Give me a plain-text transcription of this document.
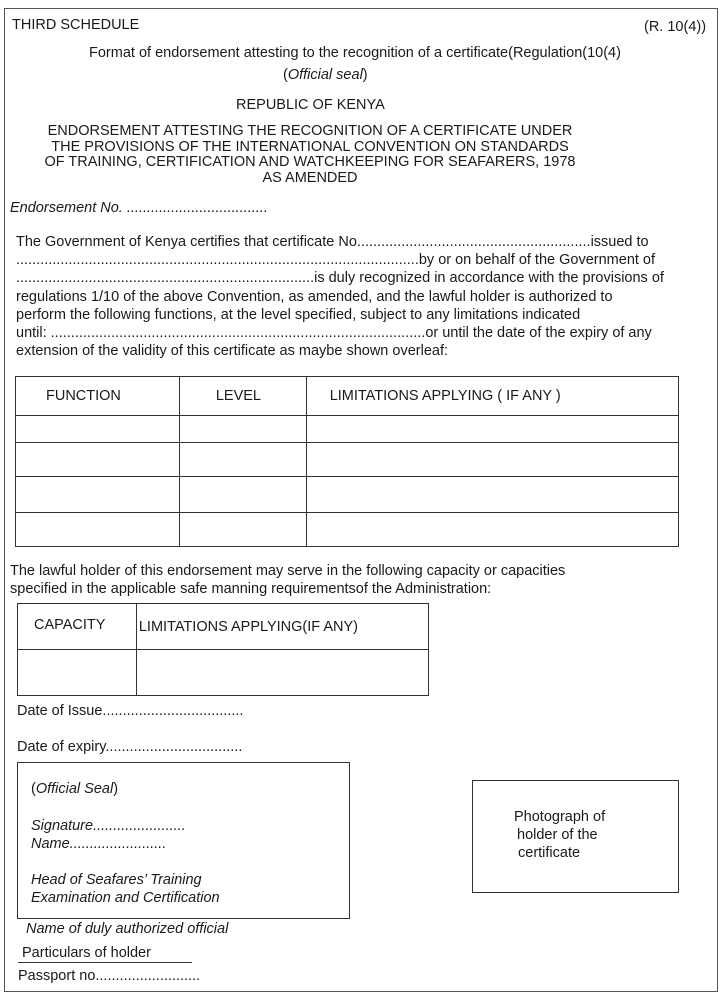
THIRD SCHEDULE	(R. 10(4))
Format of endorsement attesting to the recognition of a certificate(Regulation(10(4)
(Official seal)
REPUBLIC OF KENYA
ENDORSEMENT ATTESTING THE RECOGNITION OF A CERTIFICATE UNDER
THE PROVISIONS OF THE INTERNATIONAL CONVENTION ON STANDARDS
OF TRAINING, CERTIFICATION AND WATCHKEEPING FOR SEAFARERS, 1978
AS AMENDED
Endorsement No. ...................................
The Government of Kenya certifies that certificate No..........................................................issued to
....................................................................................................by or on behalf of the Government of
..........................................................................is duly recognized in accordance with the provisions of
regulations 1/10 of the above Convention, as amended, and the lawful holder is authorized to
perform the following functions, at the level specified, subject to any limitations indicated
until: .............................................................................................or until the date of the expiry of any
extension of the validity of this certificate as maybe shown overleaf:
FUNCTION	LEVEL	LIMITATIONS APPLYING ( IF ANY )

The lawful holder of this endorsement may serve in the following capacity or capacities
specified in the applicable safe manning requirementsof the Administration:
CAPACITY	LIMITATIONS APPLYING(IF ANY)

Date of Issue...................................
Date of expiry..................................
(Official Seal)
Signature.......................
Name........................
Head of Seafares’ Training
Examination and Certification
Photograph of
holder of the
certificate
Name of duly authorized official
Particulars of holder
Passport no..........................
